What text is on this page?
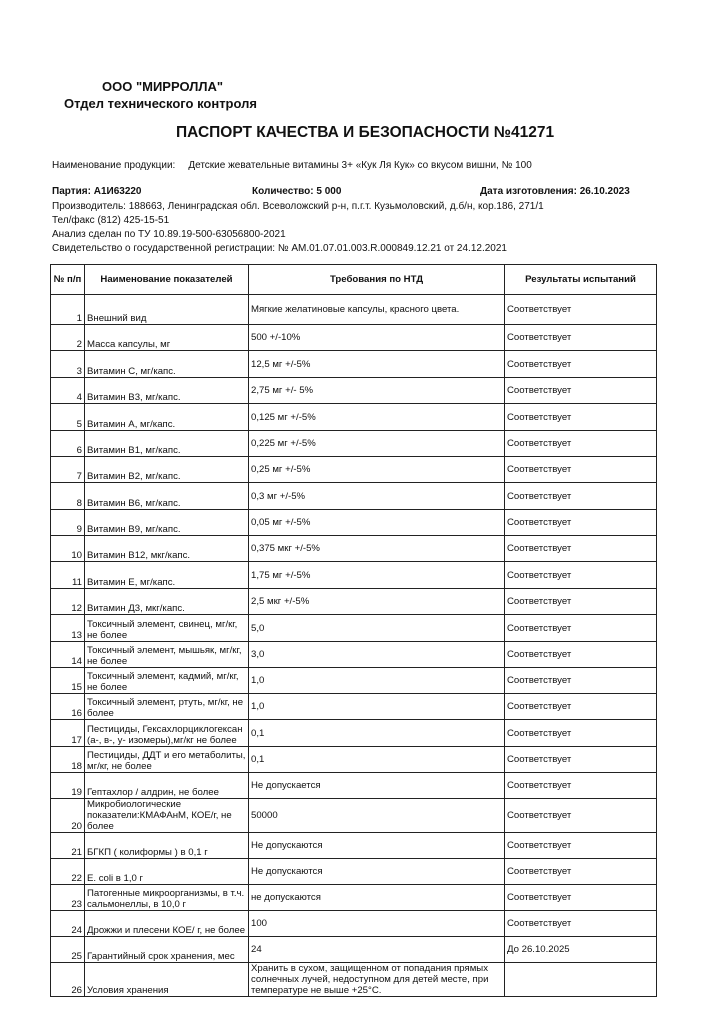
ООО "МИРРОЛЛА"
Отдел технического контроля
ПАСПОРТ КАЧЕСТВА И БЕЗОПАСНОСТИ №41271
Наименование продукции: Детские жевательные витамины 3+ «Кук Ля Кук» со вкусом вишни, № 100
Партия: А1И63220	Количество: 5 000	Дата изготовления: 26.10.2023
Производитель: 188663, Ленинградская обл. Всеволожский р-н, п.г.т. Кузьмоловский, д.б/н, кор.186, 271/1
Тел/факс (812) 425-15-51
Анализ сделан по ТУ 10.89.19-500-63056800-2021
Свидетельство о государственной регистрации: № AM.01.07.01.003.R.000849.12.21 от 24.12.2021
№ п/п	Наименование показателей	Требования по НТД	Результаты испытаний
1	Внешний вид	Мягкие желатиновые капсулы, красного цвета.	Соответствует
2	Масса капсулы, мг	500 +/-10%	Соответствует
3	Витамин С, мг/капс.	12,5 мг +/-5%	Соответствует
4	Витамин В3, мг/капс.	2,75 мг +/- 5%	Соответствует
5	Витамин А, мг/капс.	0,125 мг +/-5%	Соответствует
6	Витамин В1, мг/капс.	0,225 мг +/-5%	Соответствует
7	Витамин В2, мг/капс.	0,25 мг +/-5%	Соответствует
8	Витамин В6, мг/капс.	0,3 мг +/-5%	Соответствует
9	Витамин В9, мг/капс.	0,05 мг +/-5%	Соответствует
10	Витамин В12, мкг/капс.	0,375 мкг +/-5%	Соответствует
11	Витамин Е, мг/капс.	1,75 мг +/-5%	Соответствует
12	Витамин Д3, мкг/капс.	2,5 мкг +/-5%	Соответствует
13	Токсичный элемент, свинец, мг/кг, не более	5,0	Соответствует
14	Токсичный элемент, мышьяк, мг/кг, не более	3,0	Соответствует
15	Токсичный элемент, кадмий, мг/кг, не более	1,0	Соответствует
16	Токсичный элемент, ртуть, мг/кг, не более	1,0	Соответствует
17	Пестициды, Гексахлорциклогексан (а-, в-, у- изомеры),мг/кг не более	0,1	Соответствует
18	Пестициды, ДДТ и его метаболиты, мг/кг, не более	0,1	Соответствует
19	Гептахлор / алдрин, не более	Не допускается	Соответствует
20	Микробиологические показатели:КМАФАнМ, КОЕ/г, не более	50000	Соответствует
21	БГКП ( колиформы ) в 0,1 г	Не допускаются	Соответствует
22	E. coli в 1,0 г	Не допускаются	Соответствует
23	Патогенные микроорганизмы, в т.ч. сальмонеллы, в 10,0 г	не допускаются	Соответствует
24	Дрожжи и плесени КОЕ/ г, не более	100	Соответствует
25	Гарантийный срок хранения, мес	24	До 26.10.2025
26	Условия хранения	Хранить в сухом, защищенном от попадания прямых солнечных лучей, недоступном для детей месте, при температуре не выше +25°С.	
